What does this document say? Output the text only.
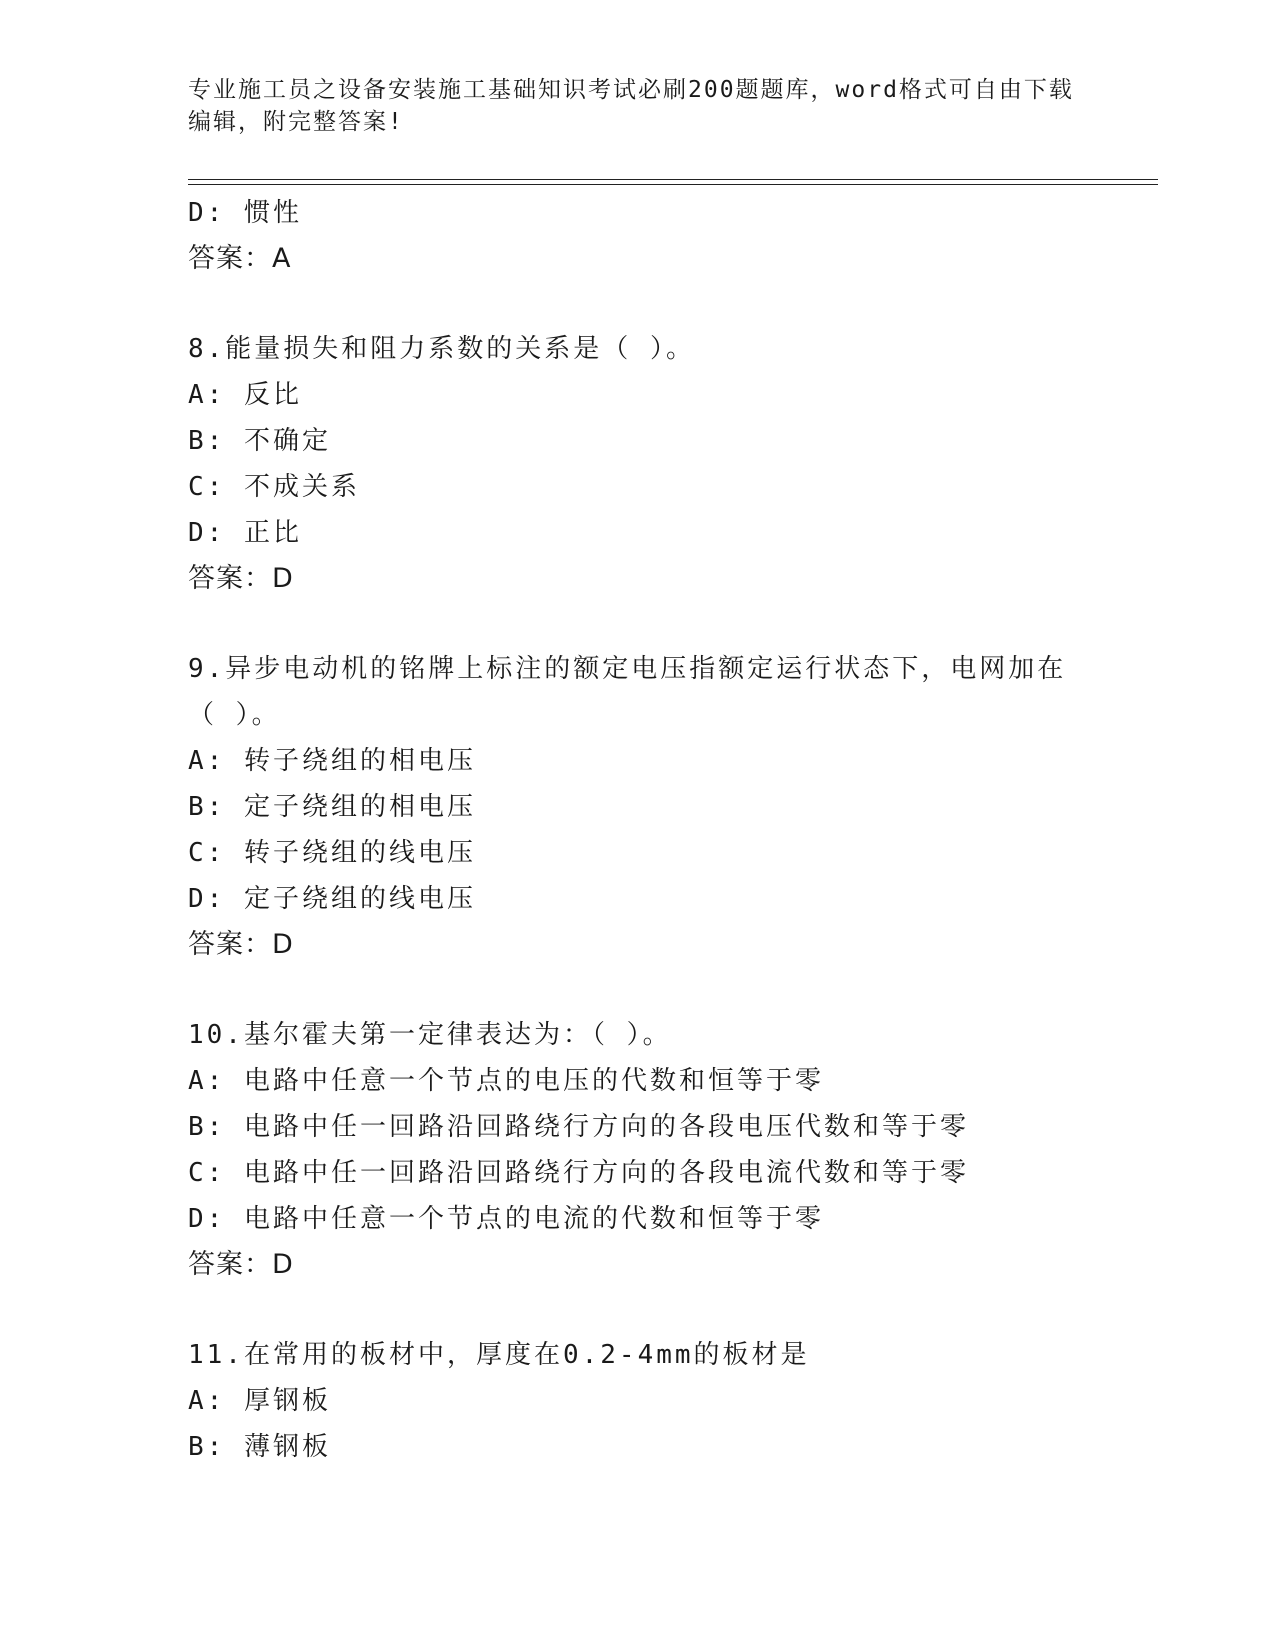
专业施工员之设备安装施工基础知识考试必刷200题题库，word格式可自由下载
编辑，附完整答案!
D: 惯性
答案：A
8.能量损失和阻力系数的关系是（ ）。
A: 反比
B: 不确定
C: 不成关系
D: 正比
答案：D
9.异步电动机的铭牌上标注的额定电压指额定运行状态下，电网加在
（ ）。
A: 转子绕组的相电压
B: 定子绕组的相电压
C: 转子绕组的线电压
D: 定子绕组的线电压
答案：D
10.基尔霍夫第一定律表达为：（ ）。
A: 电路中任意一个节点的电压的代数和恒等于零
B: 电路中任一回路沿回路绕行方向的各段电压代数和等于零
C: 电路中任一回路沿回路绕行方向的各段电流代数和等于零
D: 电路中任意一个节点的电流的代数和恒等于零
答案：D
11.在常用的板材中，厚度在0.2-4mm的板材是
A: 厚钢板
B: 薄钢板
